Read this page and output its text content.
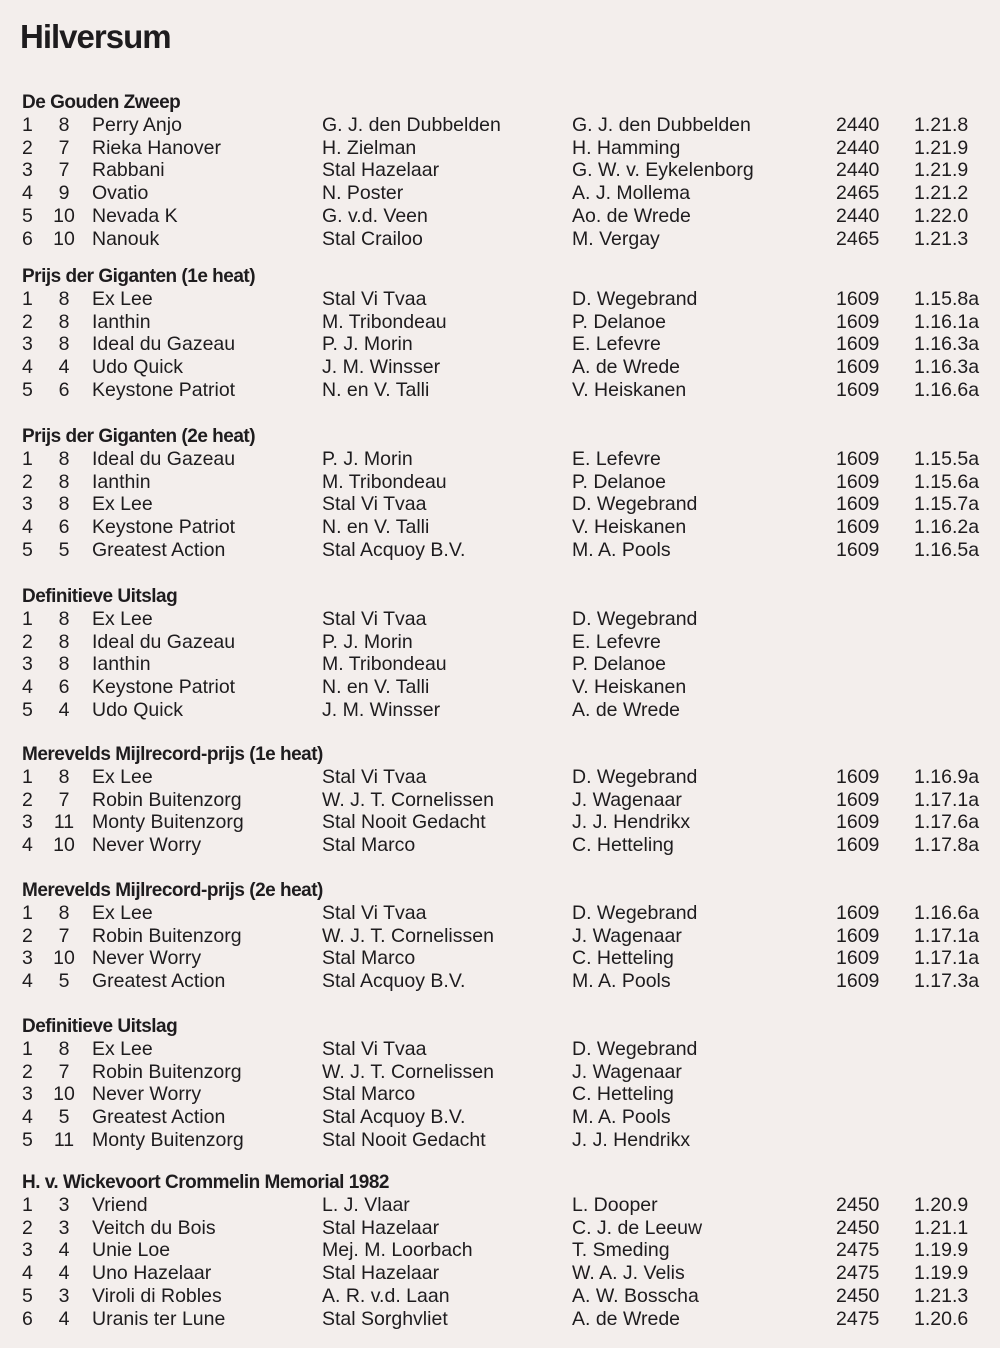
Hilversum
De Gouden Zweep
1	8	Perry Anjo	G. J. den Dubbelden	G. J. den Dubbelden	2440 1.21.8
2	7	Rieka Hanover	H. Zielman	H. Hamming	2440 1.21.9
3	7	Rabbani	Stal Hazelaar	G. W. v. Eykelenborg	2440 1.21.9
4	9	Ovatio	N. Poster	A. J. Mollema	2465 1.21.2
5	10 Nevada K	G. v.d. Veen	Ao. de Wrede	2440 1.22.0
6	10 Nanouk	Stal Crailoo	M. Vergay	2465 1.21.3
Prijs der Giganten (1e heat)
1	8	Ex Lee	Stal Vi Tvaa	D. Wegebrand	1609 1.15.8a
2	8	Ianthin	M. Tribondeau	P. Delanoe	1609 1.16.1a
3	8	Ideal du Gazeau	P. J. Morin	E. Lefevre	1609 1.16.3a
4	4	Udo Quick	J. M. Winsser	A. de Wrede	1609 1.16.3a
5	6	Keystone Patriot	N. en V. Talli	V. Heiskanen	1609 1.16.6a
Prijs der Giganten (2e heat)
1	8	Ideal du Gazeau	P. J. Morin	E. Lefevre	1609 1.15.5a
2	8	Ianthin	M. Tribondeau	P. Delanoe	1609 1.15.6a
3	8	Ex Lee	Stal Vi Tvaa	D. Wegebrand	1609 1.15.7a
4	6	Keystone Patriot	N. en V. Talli	V. Heiskanen	1609 1.16.2a
5	5	Greatest Action	Stal Acquoy B.V.	M. A. Pools	1609 1.16.5a
Definitieve Uitslag
1	8	Ex Lee	Stal Vi Tvaa	D. Wegebrand
2	8	Ideal du Gazeau	P. J. Morin	E. Lefevre
3	8	Ianthin	M. Tribondeau	P. Delanoe
4	6	Keystone Patriot	N. en V. Talli	V. Heiskanen
5	4	Udo Quick	J. M. Winsser	A. de Wrede
Merevelds Mijlrecord-prijs (1e heat)
1	8	Ex Lee	Stal Vi Tvaa	D. Wegebrand	1609 1.16.9a
2	7	Robin Buitenzorg	W. J. T. Cornelissen	J. Wagenaar	1609 1.17.1a
3	11 Monty Buitenzorg	Stal Nooit Gedacht	J. J. Hendrikx	1609 1.17.6a
4	10 Never Worry	Stal Marco	C. Hetteling	1609 1.17.8a
Merevelds Mijlrecord-prijs (2e heat)
1	8	Ex Lee	Stal Vi Tvaa	D. Wegebrand	1609 1.16.6a
2	7	Robin Buitenzorg	W. J. T. Cornelissen	J. Wagenaar	1609 1.17.1a
3	10 Never Worry	Stal Marco	C. Hetteling	1609 1.17.1a
4	5	Greatest Action	Stal Acquoy B.V.	M. A. Pools	1609 1.17.3a
Definitieve Uitslag
1	8	Ex Lee	Stal Vi Tvaa	D. Wegebrand
2	7	Robin Buitenzorg	W. J. T. Cornelissen	J. Wagenaar
3	10 Never Worry	Stal Marco	C. Hetteling
4	5	Greatest Action	Stal Acquoy B.V.	M. A. Pools
5	11 Monty Buitenzorg	Stal Nooit Gedacht	J. J. Hendrikx
H. v. Wickevoort Crommelin Memorial 1982
1	3	Vriend	L. J. Vlaar	L. Dooper	2450 1.20.9
2	3	Veitch du Bois	Stal Hazelaar	C. J. de Leeuw	2450 1.21.1
3	4	Unie Loe	Mej. M. Loorbach	T. Smeding	2475 1.19.9
4	4	Uno Hazelaar	Stal Hazelaar	W. A. J. Velis	2475 1.19.9
5	3	Viroli di Robles	A. R. v.d. Laan	A. W. Bosscha	2450 1.21.3
6	4	Uranis ter Lune	Stal Sorghvliet	A. de Wrede	2475 1.20.6
